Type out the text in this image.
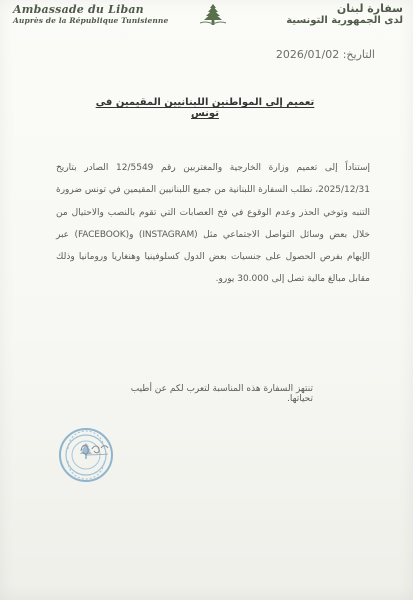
Ambassade du Liban
Auprès de la République Tunisienne
سفارة لبنان
لدى الجمهورية التونسية
التاريخ: 2026/01/02
تعميم إلى المواطنين اللبنانيين المقيمين في تونس
إستناداً إلى تعميم وزارة الخارجية والمغتربين رقم 12/5549 الصادر بتاريخ 2025/12/31، تطلب السفارة اللبنانية من جميع اللبنانيين المقيمين في تونس ضرورة التنبه وتوخي الحذر وعدم الوقوع في فخ العصابات التي تقوم بالنصب والاحتيال من خلال بعض وسائل التواصل الاجتماعي مثل (INSTAGRAM) و(FACEBOOK) عبر الإيهام بفرص الحصول على جنسيات بعض الدول كسلوفينيا وهنغاريا ورومانيا وذلك مقابل مبالغ مالية تصل إلى 30.000 يورو.
تنتهز السفارة هذه المناسبة لتعرب لكم عن أطيب تحياتها.
